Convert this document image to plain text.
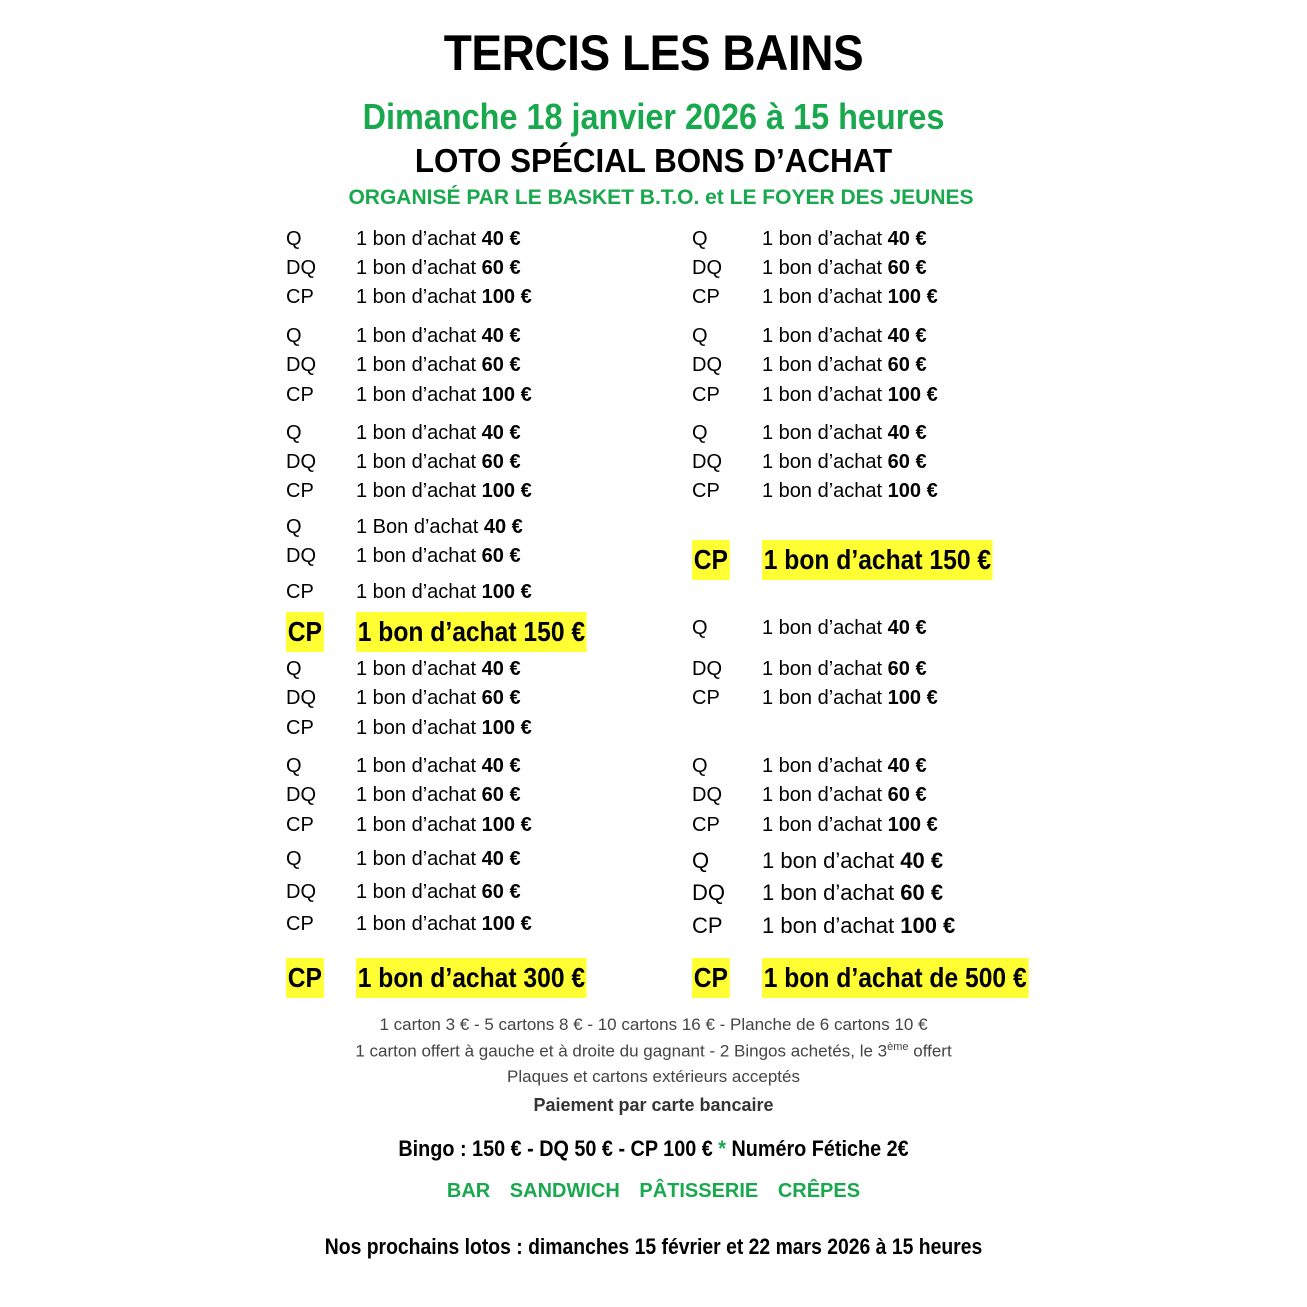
TERCIS LES BAINS
Dimanche 18 janvier 2026 à 15 heures
LOTO SPÉCIAL BONS D’ACHAT
ORGANISÉ PAR LE BASKET B.T.O. et LE FOYER DES JEUNES
Q	1 bon d’achat 40 €
DQ 1 bon d’achat 60 €
CP 1 bon d’achat 100 €
Q	1 bon d’achat 40 €
DQ 1 bon d’achat 60 €
CP 1 bon d’achat 100 €
Q	1 bon d’achat 40 €
DQ 1 bon d’achat 60 €
CP 1 bon d’achat 100 €
Q	1 Bon d’achat 40 €
DQ 1 bon d’achat 60 €
CP 1 bon d’achat 100 €
CP 1 bon d’achat 150 €
Q	1 bon d’achat 40 €
DQ 1 bon d’achat 60 €
CP 1 bon d’achat 100 €
Q	1 bon d’achat 40 €
DQ 1 bon d’achat 60 €
CP 1 bon d’achat 100 €
Q	1 bon d’achat 40 €
DQ 1 bon d’achat 60 €
CP 1 bon d’achat 100 €
CP 1 bon d’achat 300 €
Q	1 bon d’achat 40 €
DQ 1 bon d’achat 60 €
CP 1 bon d’achat 100 €
Q	1 bon d’achat 40 €
DQ 1 bon d’achat 60 €
CP 1 bon d’achat 100 €
Q	1 bon d’achat 40 €
DQ 1 bon d’achat 60 €
CP 1 bon d’achat 100 €
CP 1 bon d’achat 150 €
Q	1 bon d’achat 40 €
DQ 1 bon d’achat 60 €
CP 1 bon d’achat 100 €
Q	1 bon d’achat 40 €
DQ 1 bon d’achat 60 €
CP 1 bon d’achat 100 €
Q 1 bon d’achat 40 €
DQ 1 bon d’achat 60 €
CP 1 bon d’achat 100 €
CP 1 bon d’achat de 500 €
1 carton 3 € - 5 cartons 8 € - 10 cartons 16 € - Planche de 6 cartons 10 €
1 carton offert à gauche et à droite du gagnant - 2 Bingos achetés, le 3ème offert
Plaques et cartons extérieurs acceptés
Paiement par carte bancaire
Bingo : 150 € - DQ 50 € - CP 100 € * Numéro Fétiche 2€
BAR SANDWICH PÂTISSERIE CRÊPES
Nos prochains lotos : dimanches 15 février et 22 mars 2026 à 15 heures
